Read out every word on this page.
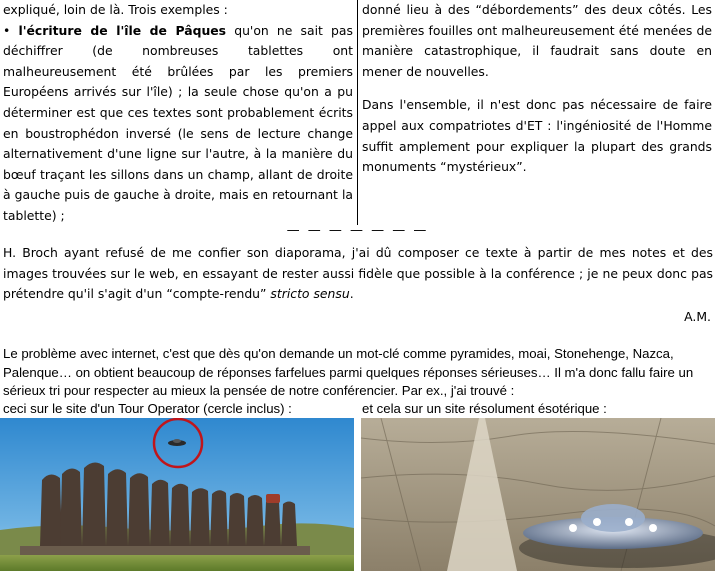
expliqué, loin de là. Trois exemples :

• l'écriture de l'île de Pâques qu'on ne sait pas déchiffrer (de nombreuses tablettes ont malheureusement été brûlées par les premiers Européens arrivés sur l'île) ; la seule chose qu'on a pu déterminer est que ces textes sont probablement écrits en boustrophédon inversé (le sens de lecture change alternativement d'une ligne sur l'autre, à la manière du bœuf traçant les sillons dans un champ, allant de droite à gauche puis de gauche à droite, mais en retournant la tablette) ;

donné lieu à des “débordements” des deux côtés. Les premières fouilles ont malheureusement été menées de manière catastrophique, il faudrait sans doute en mener de nouvelles.

Dans l'ensemble, il n'est donc pas nécessaire de faire appel aux compatriotes d'ET : l'ingéniosité de l'Homme suffit amplement pour expliquer la plupart des grands monuments “mystérieux”.

— — — — — — —

H. Broch ayant refusé de me confier son diaporama, j'ai dû composer ce texte à partir de mes notes et des images trouvées sur le web, en essayant de rester aussi fidèle que possible à la conférence ; je ne peux donc pas prétendre qu'il s'agit d'un “compte-rendu” stricto sensu.

A.M.

Le problème avec internet, c'est que dès qu'on demande un mot-clé comme pyramides, moai, Stonehenge, Nazca, Palenque… on obtient beaucoup de réponses farfelues parmi quelques réponses sérieuses… Il m'a donc fallu faire un sérieux tri pour respecter au mieux la pensée de notre conférencier. Par ex., j'ai trouvé :

ceci sur le site d'un Tour Operator (cercle inclus) :	et cela sur un site résolument ésotérique :
